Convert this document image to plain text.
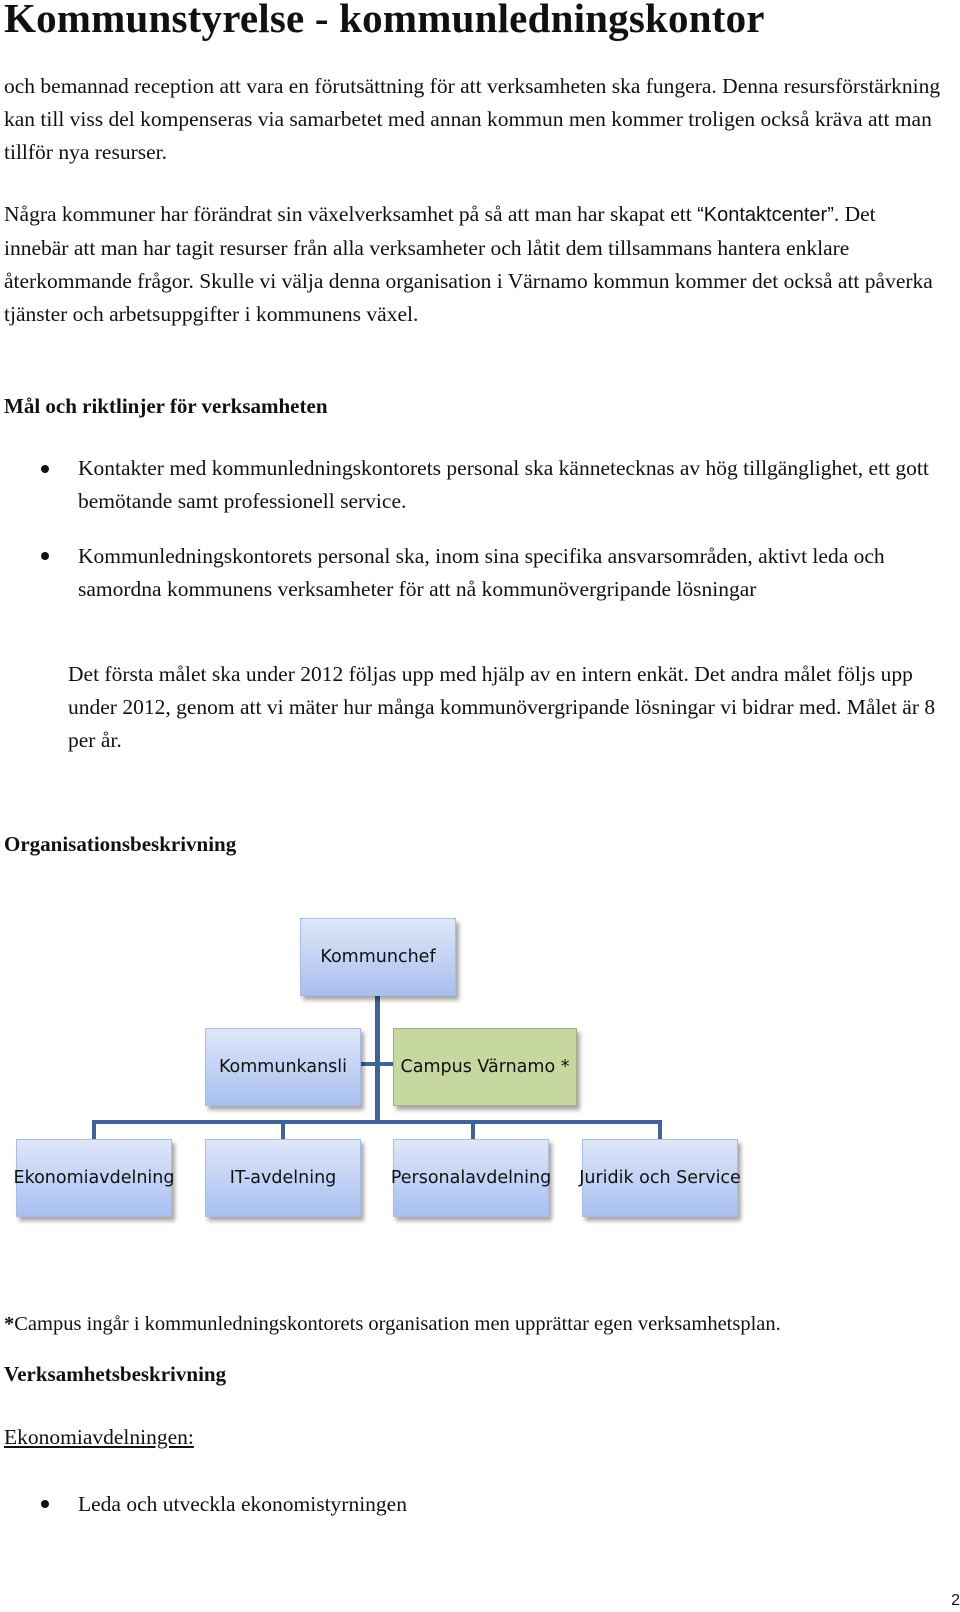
Kommunstyrelse - kommunledningskontor

och bemannad reception att vara en förutsättning för att verksamheten ska fungera. Denna resursförstärkning kan till viss del kompenseras via samarbetet med annan kommun men kommer troligen också kräva att man tillför nya resurser.

Några kommuner har förändrat sin växelverksamhet på så att man har skapat ett “Kontaktcenter”. Det innebär att man har tagit resurser från alla verksamheter och låtit dem tillsammans hantera enklare återkommande frågor. Skulle vi välja denna organisation i Värnamo kommun kommer det också att påverka tjänster och arbetsuppgifter i kommunens växel.

Mål och riktlinjer för verksamheten

Kontakter med kommunledningskontorets personal ska kännetecknas av hög tillgänglighet, ett gott bemötande samt professionell service.

Kommunledningskontorets personal ska, inom sina specifika ansvarsområden, aktivt leda och samordna kommunens verksamheter för att nå kommunövergripande lösningar

Det första målet ska under 2012 följas upp med hjälp av en intern enkät. Det andra målet följs upp under 2012, genom att vi mäter hur många kommunövergripande lösningar vi bidrar med. Målet är 8 per år.

Organisationsbeskrivning
Kommunchef
Kommunkansli	Campus Värnamo *
Ekonomiavdelning	IT-avdelning	Personalavdelning Juridik och Service

*Campus ingår i kommunledningskontorets organisation men upprättar egen verksamhetsplan.

Verksamhetsbeskrivning

Ekonomiavdelningen:

Leda och utveckla ekonomistyrningen

2
